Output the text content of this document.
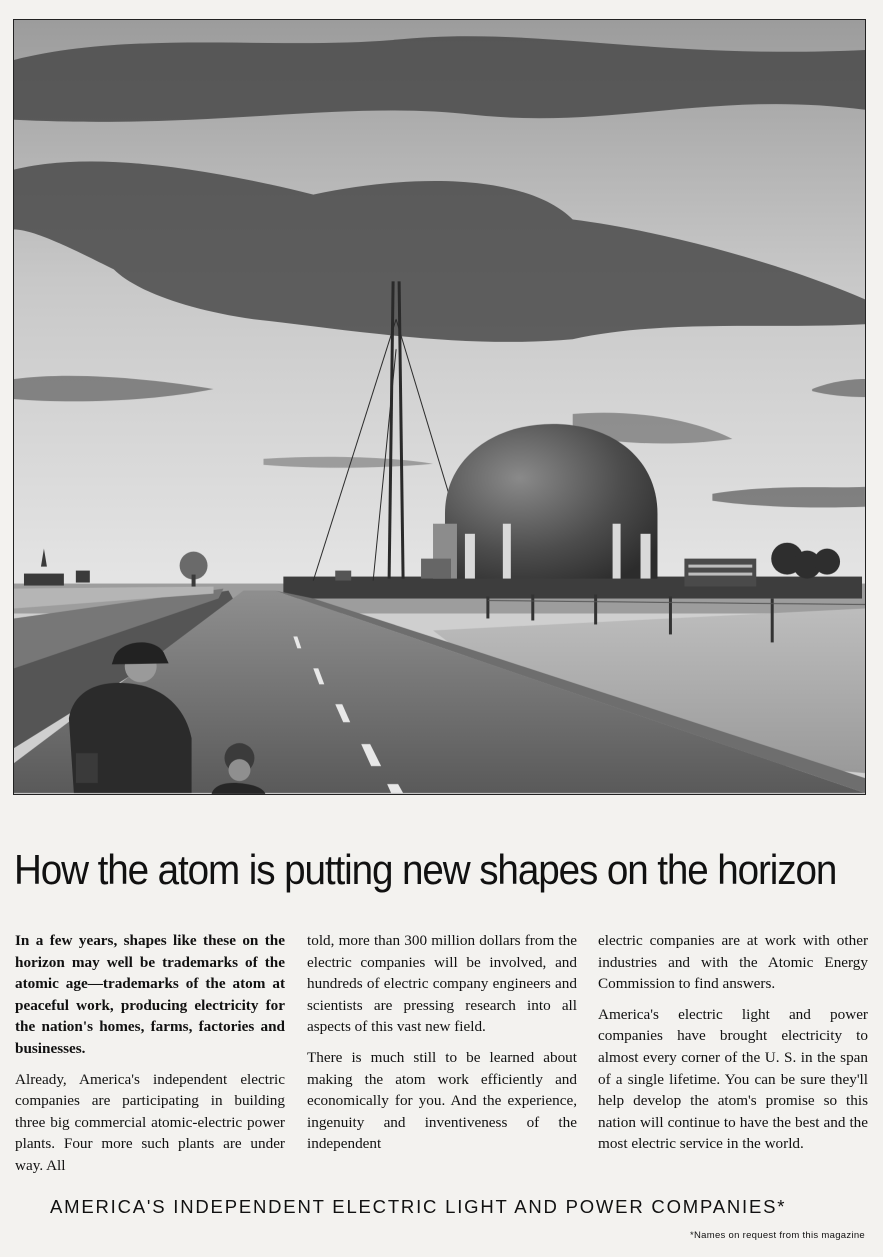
How the atom is putting new shapes on the horizon

In a few years, shapes like these on the horizon may well be trademarks of the atomic age—trademarks of the atom at peaceful work, producing electricity for the nation's homes, farms, factories and businesses.

Already, America's independent electric companies are participating in building three big commercial atomic-electric power plants. Four more such plants are under way. All

told, more than 300 million dollars from the electric companies will be involved, and hundreds of electric company engineers and scientists are pressing research into all aspects of this vast new field.

There is much still to be learned about making the atom work efficiently and economically for you. And the experience, ingenuity and inventiveness of the independent

electric companies are at work with other industries and with the Atomic Energy Commission to find answers.

America's electric light and power companies have brought electricity to almost every corner of the U. S. in the span of a single lifetime. You can be sure they'll help develop the atom's promise so this nation will continue to have the best and the most electric service in the world.

AMERICA'S INDEPENDENT ELECTRIC LIGHT AND POWER COMPANIES*
*Names on request from this magazine
